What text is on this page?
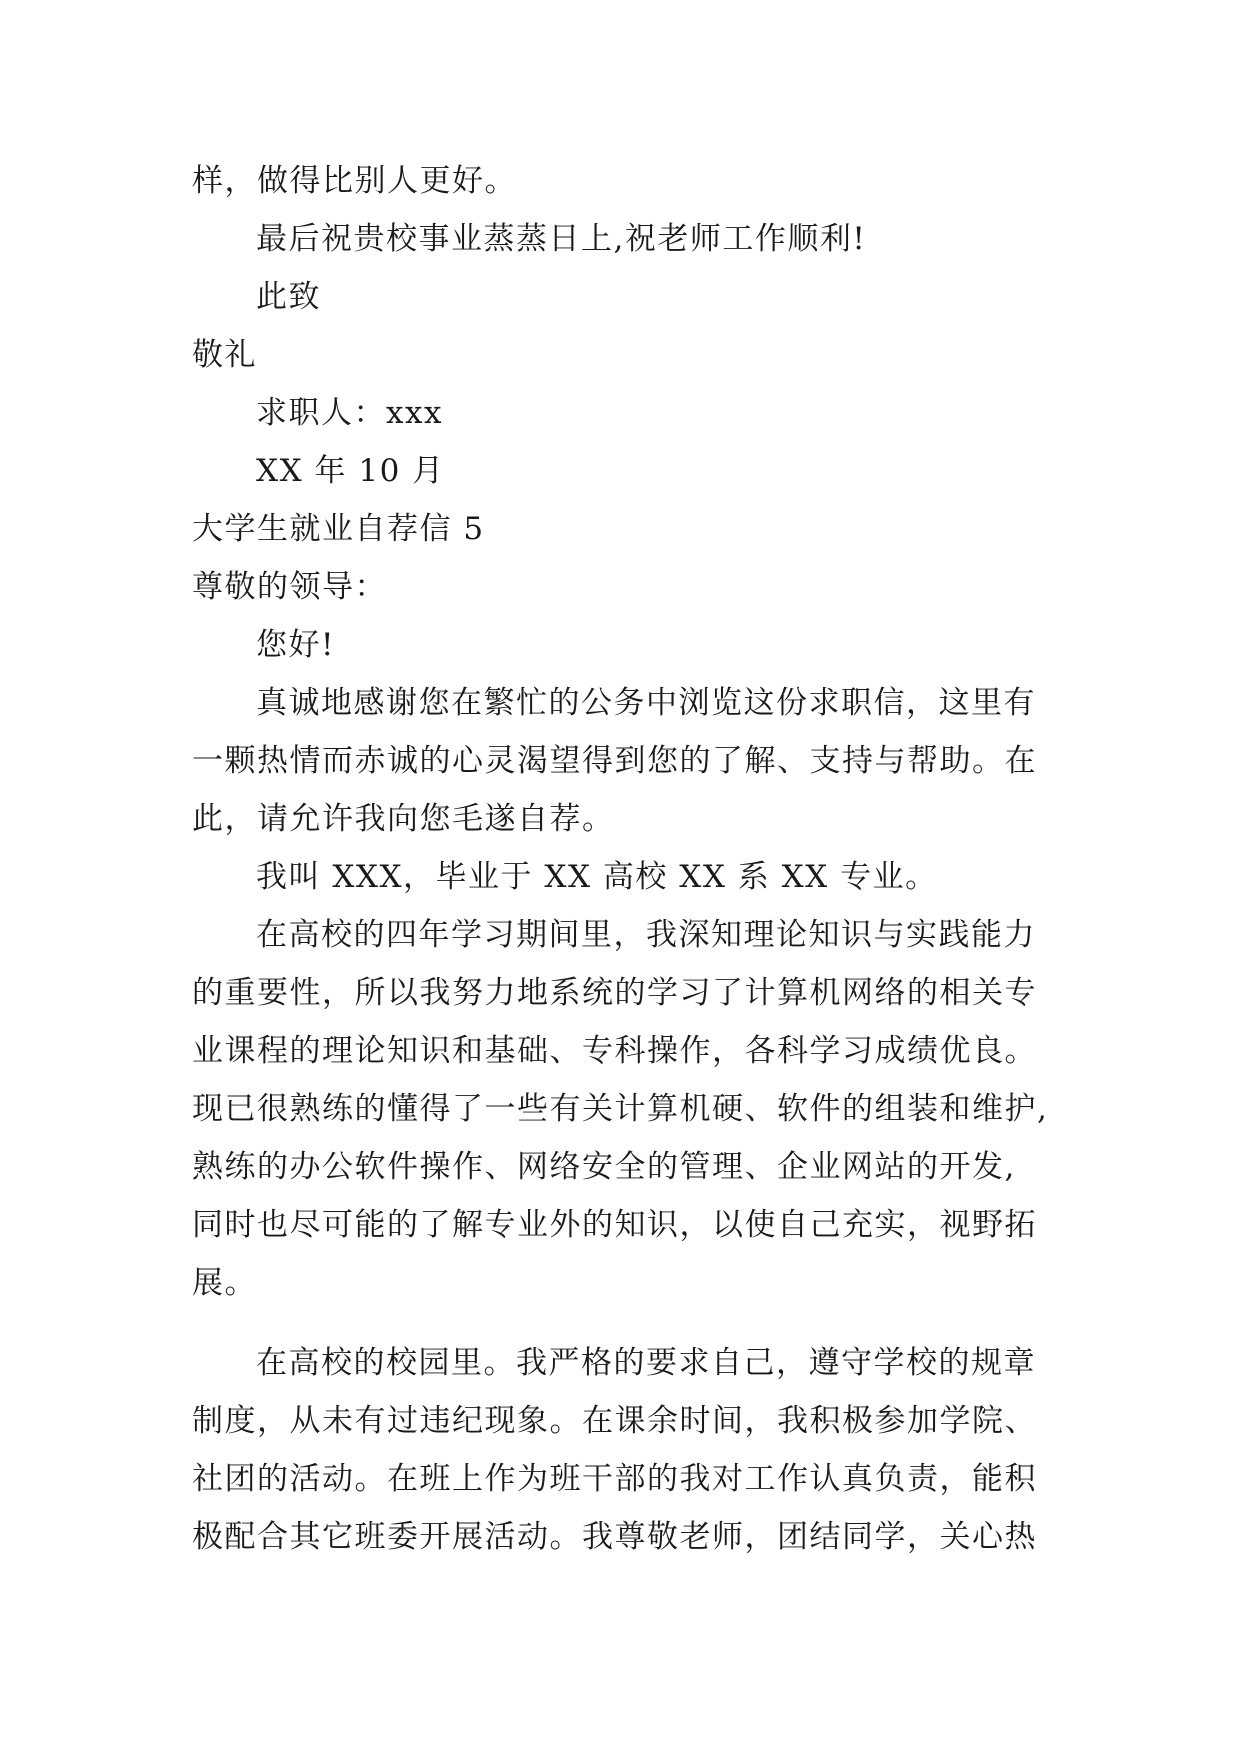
样，做得比别人更好。
最后祝贵校事业蒸蒸日上,祝老师工作顺利!
此致
敬礼
求职人：xxx
XX 年 10 月
大学生就业自荐信 5
尊敬的领导：
您好!
真诚地感谢您在繁忙的公务中浏览这份求职信，这里有
一颗热情而赤诚的心灵渴望得到您的了解、支持与帮助。在
此，请允许我向您毛遂自荐。
我叫 XXX，毕业于 XX 高校 XX 系 XX 专业。
在高校的四年学习期间里，我深知理论知识与实践能力
的重要性，所以我努力地系统的学习了计算机网络的相关专
业课程的理论知识和基础、专科操作，各科学习成绩优良。
现已很熟练的懂得了一些有关计算机硬、软件的组装和维护,
熟练的办公软件操作、网络安全的管理、企业网站的开发,
同时也尽可能的了解专业外的知识，以使自己充实，视野拓
展。
在高校的校园里。我严格的要求自己，遵守学校的规章
制度，从未有过违纪现象。在课余时间，我积极参加学院、
社团的活动。在班上作为班干部的我对工作认真负责，能积
极配合其它班委开展活动。我尊敬老师，团结同学，关心热
